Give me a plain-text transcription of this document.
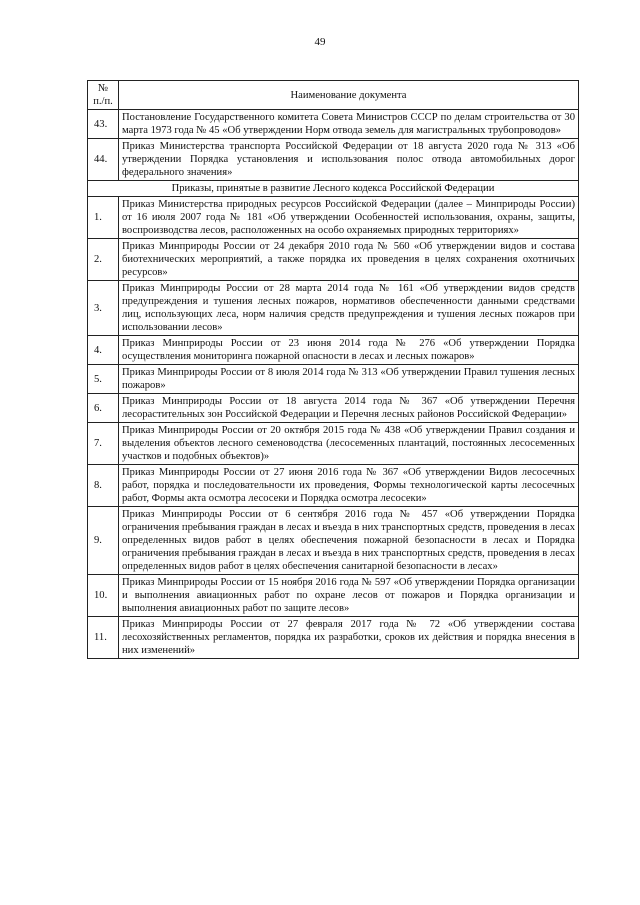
49
№ п./п.	Наименование документа
43.	Постановление Государственного комитета Совета Министров СССР по делам строительства от 30 марта 1973 года № 45 «Об утверждении Норм отвода земель для магистральных трубопроводов»
44.	Приказ Министерства транспорта Российской Федерации от 18 августа 2020 года № 313 «Об утверждении Порядка установления и использования полос отвода автомобильных дорог федерального значения»
Приказы, принятые в развитие Лесного кодекса Российской Федерации	
1.	Приказ Министерства природных ресурсов Российской Федерации (далее – Минприроды России) от 16 июля 2007 года № 181 «Об утверждении Особенностей использования, охраны, защиты, воспроизводства лесов, расположенных на особо охраняемых природных территориях»
2.	Приказ Минприроды России от 24 декабря 2010 года № 560 «Об утверждении видов и состава биотехнических мероприятий, а также порядка их проведения в целях сохранения охотничьих ресурсов»
3.	Приказ Минприроды России от 28 марта 2014 года № 161 «Об утверждении видов средств предупреждения и тушения лесных пожаров, нормативов обеспеченности данными средствами лиц, использующих леса, норм наличия средств предупреждения и тушения лесных пожаров при использовании лесов»
4.	Приказ Минприроды России от 23 июня 2014 года № 276 «Об утверждении Порядка осуществления мониторинга пожарной опасности в лесах и лесных пожаров»
5.	Приказ Минприроды России от 8 июля 2014 года № 313 «Об утверждении Правил тушения лесных пожаров»
6.	Приказ Минприроды России от 18 августа 2014 года № 367 «Об утверждении Перечня лесорастительных зон Российской Федерации и Перечня лесных районов Российской Федерации»
7.	Приказ Минприроды России от 20 октября 2015 года № 438 «Об утверждении Правил создания и выделения объектов лесного семеноводства (лесосеменных плантаций, постоянных лесосеменных участков и подобных объектов)»
8.	Приказ Минприроды России от 27 июня 2016 года № 367 «Об утверждении Видов лесосечных работ, порядка и последовательности их проведения, Формы технологической карты лесосечных работ, Формы акта осмотра лесосеки и Порядка осмотра лесосеки»
9.	Приказ Минприроды России от 6 сентября 2016 года № 457 «Об утверждении Порядка ограничения пребывания граждан в лесах и въезда в них транспортных средств, проведения в лесах определенных видов работ в целях обеспечения пожарной безопасности в лесах и Порядка ограничения пребывания граждан в лесах и въезда в них транспортных средств, проведения в лесах определенных видов работ в целях обеспечения санитарной безопасности в лесах»
10.	Приказ Минприроды России от 15 ноября 2016 года № 597 «Об утверждении Порядка организации и выполнения авиационных работ по охране лесов от пожаров и Порядка организации и выполнения авиационных работ по защите лесов»
11.	Приказ Минприроды России от 27 февраля 2017 года № 72 «Об утверждении состава лесохозяйственных регламентов, порядка их разработки, сроков их действия и порядка внесения в них изменений»
